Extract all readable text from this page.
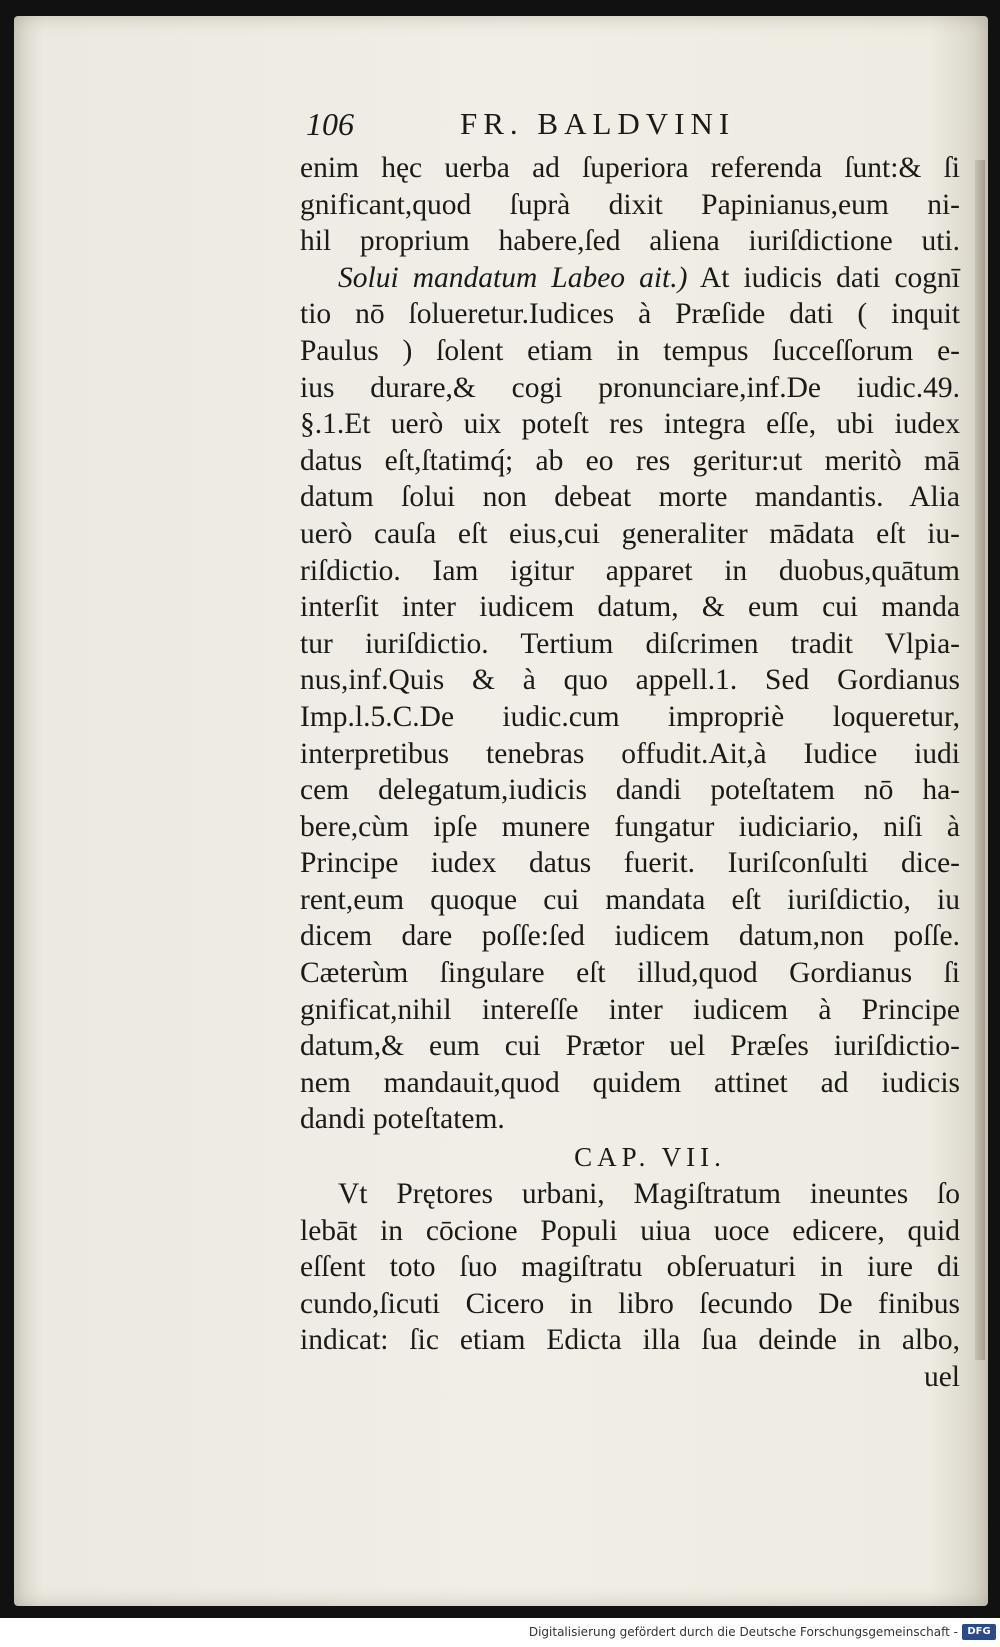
106	FR. BALDVINI
enim hęc uerba ad ſuperiora referenda ſunt:& ſi
gnificant,quod ſuprà dixit Papinianus,eum ni-
hil proprium habere,ſed aliena iuriſdictione uti.
Solui mandatum Labeo ait.) At iudicis dati cognī
tio nō ſolueretur.Iudices à Præſide dati ( inquit
Paulus ) ſolent etiam in tempus ſucceſſorum e-
ius durare,& cogi pronunciare,inf.De iudic.49.
§.1.Et uerò uix poteſt res integra eſſe, ubi iudex
datus eſt,ſtatimq́; ab eo res geritur:ut meritò mā
datum ſolui non debeat morte mandantis. Alia
uerò cauſa eſt eius,cui generaliter mādata eſt iu-
riſdictio. Iam igitur apparet in duobus,quātum
interſit inter iudicem datum, & eum cui manda
tur iuriſdictio. Tertium diſcrimen tradit Vlpia-
nus,inf.Quis & à quo appell.1. Sed Gordianus
Imp.l.5.C.De iudic.cum impropriè loqueretur,
interpretibus tenebras offudit.Ait,à Iudice iudi
cem delegatum,iudicis dandi poteſtatem nō ha-
bere,cùm ipſe munere fungatur iudiciario, niſi à
Principe iudex datus fuerit. Iuriſconſulti dice-
rent,eum quoque cui mandata eſt iuriſdictio, iu
dicem dare poſſe:ſed iudicem datum,non poſſe.
Cæterùm ſingulare eſt illud,quod Gordianus ſi
gnificat,nihil intereſſe inter iudicem à Principe
datum,& eum cui Prætor uel Præſes iuriſdictio-
nem mandauit,quod quidem attinet ad iudicis
dandi poteſtatem.
CAP. VII.
Vt Prętores urbani, Magiſtratum ineuntes ſo
lebāt in cōcione Populi uiua uoce edicere, quid
eſſent toto ſuo magiſtratu obſeruaturi in iure di
cundo,ſicuti Cicero in libro ſecundo De finibus
indicat: ſic etiam Edicta illa ſua deinde in albo,
uel
Digitalisierung gefördert durch die Deutsche Forschungsgemeinschaft - DFG
